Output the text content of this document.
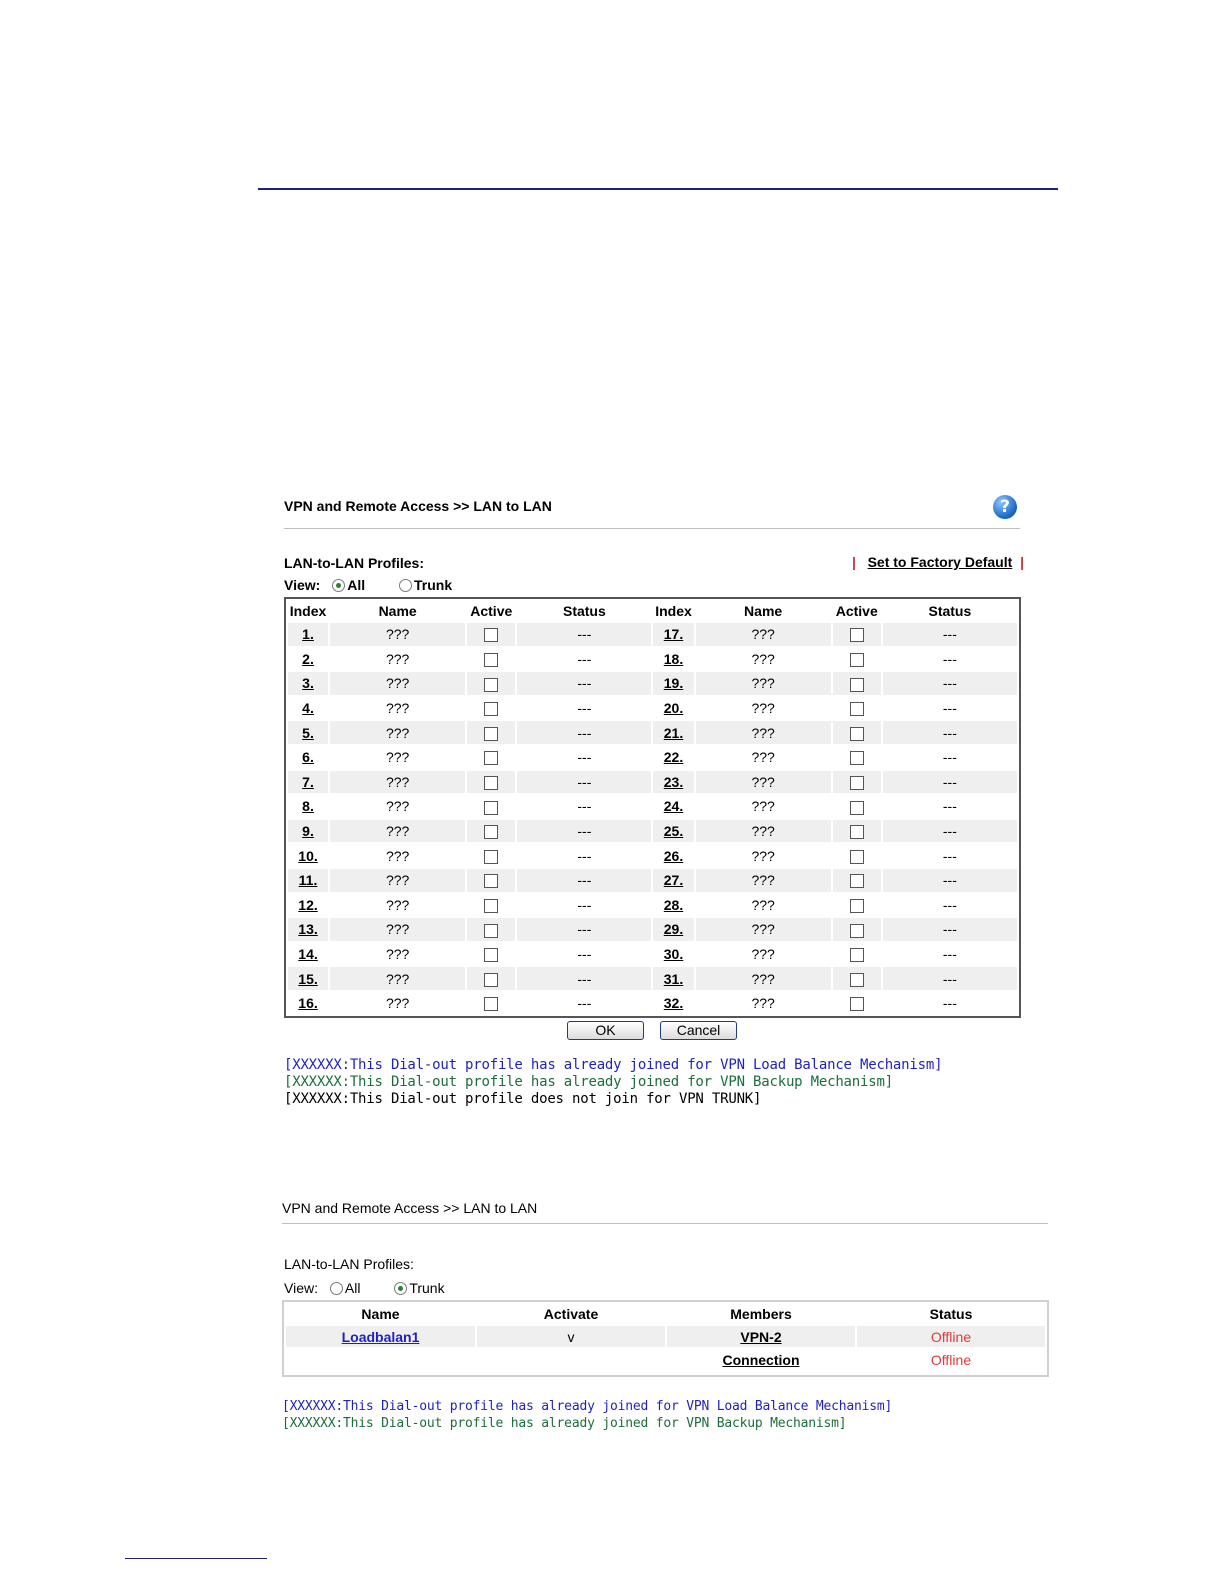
VPN and Remote Access >> LAN to LAN	?
LAN-to-LAN Profiles:	| Set to Factory Default |
View: All	Trunk
Index	Name	Active	Status	Index	Name	Active	Status
1.	???		---	17.	???		---
2.	???		---	18.	???		---
3.	???		---	19.	???		---
4.	???		---	20.	???		---
5.	???		---	21.	???		---
6.	???		---	22.	???		---
7.	???		---	23.	???		---
8.	???		---	24.	???		---
9.	???		---	25.	???		---
10.	???		---	26.	???		---
11.	???		---	27.	???		---
12.	???		---	28.	???		---
13.	???		---	29.	???		---
14.	???		---	30.	???		---
15.	???		---	31.	???		---
16.	???		---	32.	???		---
OK	Cancel
[XXXXXX:This Dial-out profile has already joined for VPN Load Balance Mechanism]
[XXXXXX:This Dial-out profile has already joined for VPN Backup Mechanism]
[XXXXXX:This Dial-out profile does not join for VPN TRUNK]
VPN and Remote Access >> LAN to LAN
LAN-to-LAN Profiles:
View: All	Trunk
Name	Activate	Members	Status
Loadbalan1	v	VPN-2	Offline
		Connection	Offline
[XXXXXX:This Dial-out profile has already joined for VPN Load Balance Mechanism]
[XXXXXX:This Dial-out profile has already joined for VPN Backup Mechanism]
